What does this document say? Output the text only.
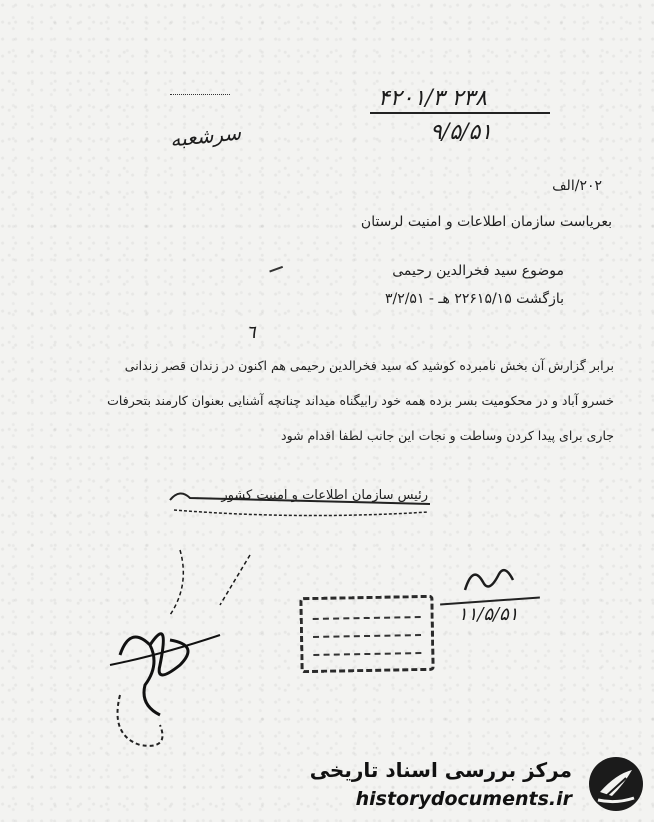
سرشعبه
۴۲۰۱/۳ ۲۳۸
۹/۵/۵۱
۲۰۲/الف
بعریاست سازمان اطلاعات و امنیت لرستان
موضوع سید فخرالدین رحیمی
بازگشت ۲۲۶۱۵/۱۵ هـ - ۳/۲/۵۱
٦
برابر گزارش آن بخش نامبرده کوشید که سید فخرالدین رحیمی هم اکنون در زندان قصر زندانی
خسرو آباد و در محکومیت بسر برده همه خود رابیگناه میداند چنانچه آشنایی بعنوان کارمند بتحرفات
جاری برای پیدا کردن وساطت و نجات این جانب لطفا اقدام شود
رئیس سازمان اطلاعات و امنیت کشور
۱۱/۵/۵۱
مرکز بررسی اسناد تاریخی
historydocuments.ir
